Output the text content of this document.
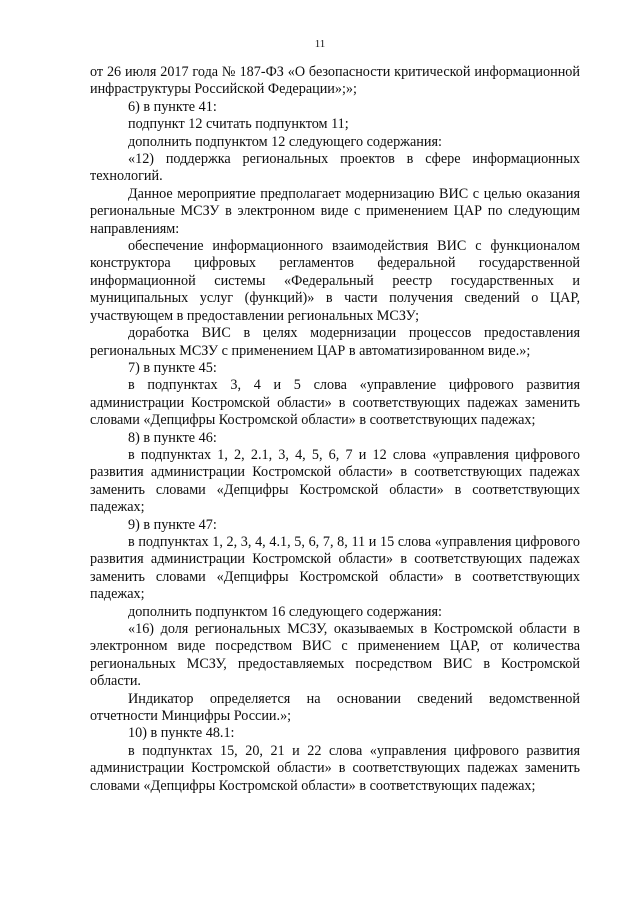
11

от 26 июля 2017 года № 187-ФЗ «О безопасности критической информационной инфраструктуры Российской Федерации»;»;

6) в пункте 41:

подпункт 12 считать подпунктом 11;

дополнить подпунктом 12 следующего содержания:

«12) поддержка региональных проектов в сфере информационных технологий.

Данное мероприятие предполагает модернизацию ВИС с целью оказания региональные МСЗУ в электронном виде с применением ЦАР по следующим направлениям:

обеспечение информационного взаимодействия ВИС с функционалом конструктора цифровых регламентов федеральной государственной информационной системы «Федеральный реестр государственных и муниципальных услуг (функций)» в части получения сведений о ЦАР, участвующем в предоставлении региональных МСЗУ;

доработка ВИС в целях модернизации процессов предоставления региональных МСЗУ с применением ЦАР в автоматизированном виде.»;

7) в пункте 45:

в подпунктах 3, 4 и 5 слова «управление цифрового развития администрации Костромской области» в соответствующих падежах заменить словами «Депцифры Костромской области» в соответствующих падежах;

8) в пункте 46:

в подпунктах 1, 2, 2.1, 3, 4, 5, 6, 7 и 12 слова «управления цифрового развития администрации Костромской области» в соответствующих падежах заменить словами «Депцифры Костромской области» в соответствующих падежах;

9) в пункте 47:

в подпунктах 1, 2, 3, 4, 4.1, 5, 6, 7, 8, 11 и 15 слова «управления цифрового развития администрации Костромской области» в соответствующих падежах заменить словами «Депцифры Костромской области» в соответствующих падежах;

дополнить подпунктом 16 следующего содержания:

«16) доля региональных МСЗУ, оказываемых в Костромской области в электронном виде посредством ВИС с применением ЦАР, от количества региональных МСЗУ, предоставляемых посредством ВИС в Костромской области.

Индикатор определяется на основании сведений ведомственной отчетности Минцифры России.»;

10) в пункте 48.1:

в подпунктах 15, 20, 21 и 22 слова «управления цифрового развития администрации Костромской области» в соответствующих падежах заменить словами «Депцифры Костромской области» в соответствующих падежах;
